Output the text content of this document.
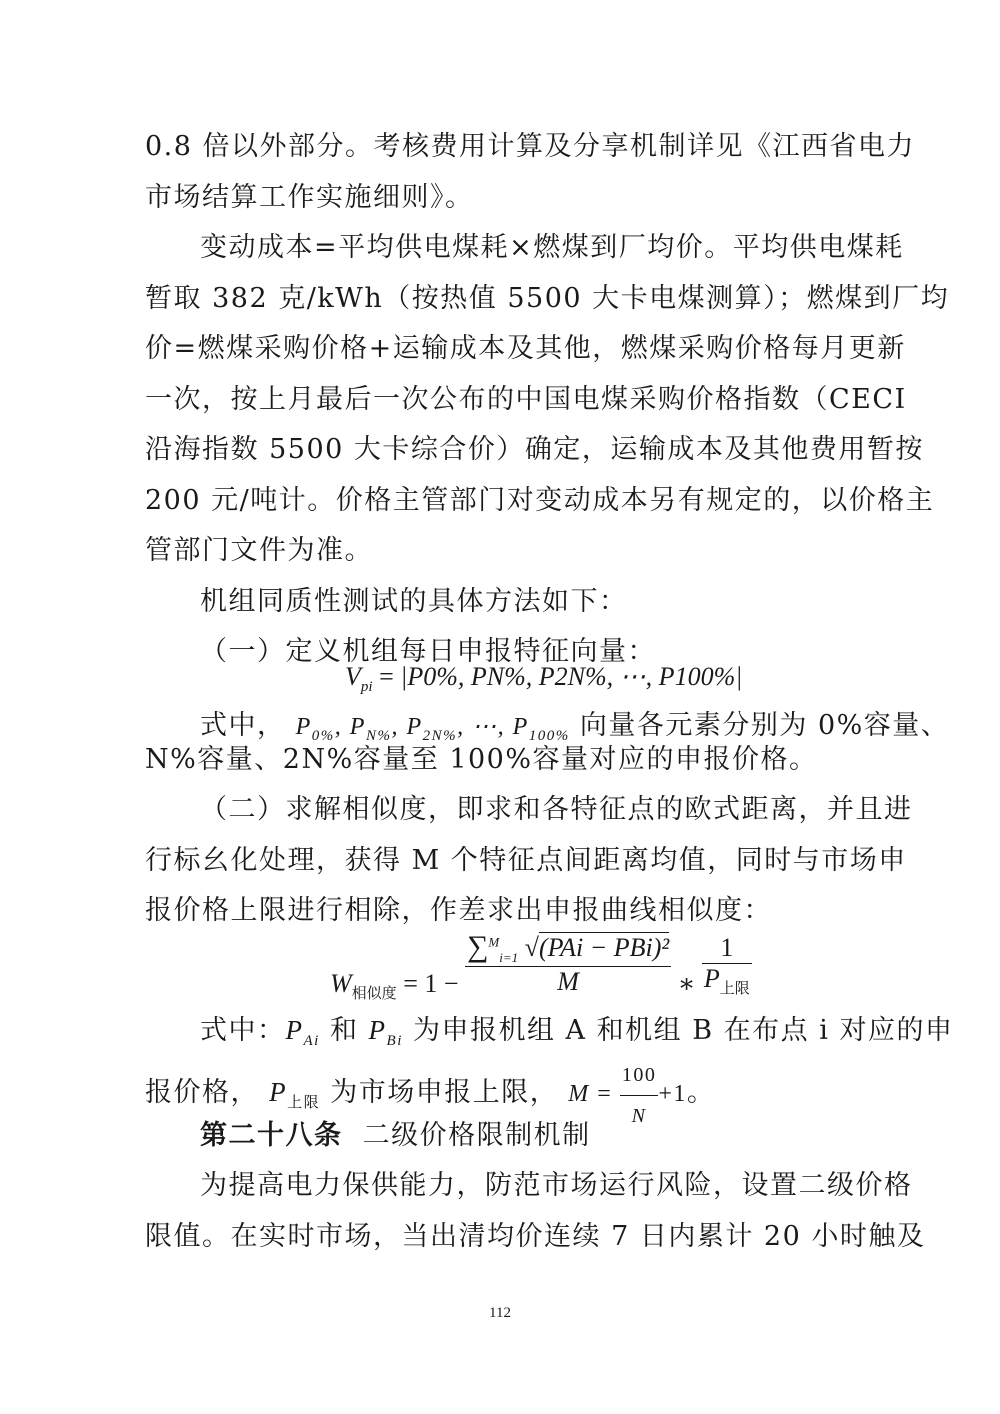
0.8 倍以外部分。考核费用计算及分享机制详见《江西省电力
市场结算工作实施细则》。
变动成本=平均供电煤耗×燃煤到厂均价。平均供电煤耗
暂取 382 克/kWh（按热值 5500 大卡电煤测算）；燃煤到厂均
价=燃煤采购价格+运输成本及其他，燃煤采购价格每月更新
一次，按上月最后一次公布的中国电煤采购价格指数（CECI
沿海指数 5500 大卡综合价）确定，运输成本及其他费用暂按
200 元/吨计。价格主管部门对变动成本另有规定的，以价格主
管部门文件为准。
机组同质性测试的具体方法如下：
（一）定义机组每日申报特征向量：
$V_{pi} = |P0\%$, PN%, P2N%, ⋯, P100%|
式中， $P_{0\%}$, $P_{N\%}$, $P_{2N\%}$, ⋯, $P_{100\%}$ 向量各元素分别为 0%容量、
N%容量、2N%容量至 100%容量对应的申报价格。
（二）求解相似度，即求和各特征点的欧式距离，并且进
行标幺化处理，获得 M 个特征点间距离均值，同时与市场申
报价格上限进行相除，作差求出申报曲线相似度：
$W_{相似度} = 1 - \frac{\sum^M_{i=1} √(PAi - PBi)^2}{M}$ ∗ $\frac{1}{P_{上限}}$
式中：$P_{Ai}$ 和 $P_{Bi}$ 为申报机组 A 和机组 B 在布点 i 对应的申
报价格， $P_{上限}$ 为市场申报上限， $M = \frac{100}{N} +1$。
第二十八条 二级价格限制机制
为提高电力保供能力，防范市场运行风险，设置二级价格
限值。在实时市场，当出清均价连续 7 日内累计 20 小时触及
112
